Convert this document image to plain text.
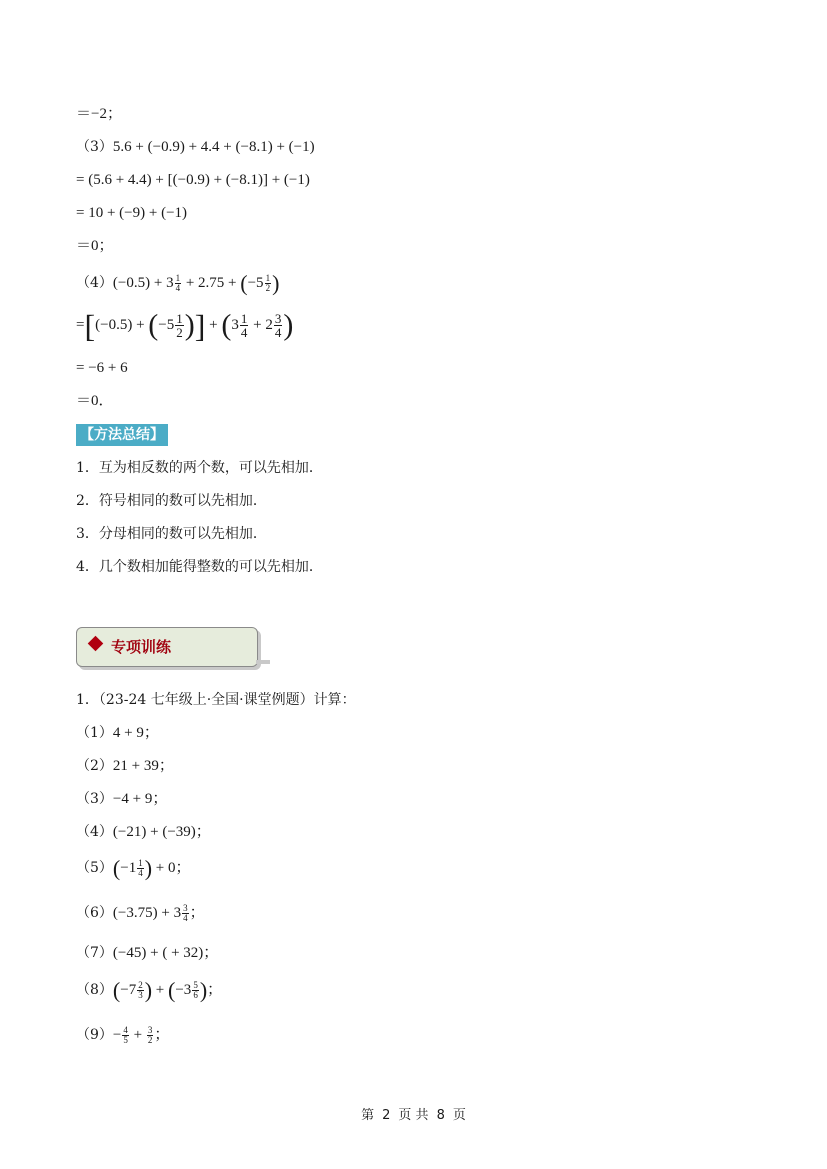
＝−2；
（3）5.6 + (−0.9) + 4.4 + (−8.1) + (−1)
= (5.6 + 4.4) + [(−0.9) + (−8.1)] + (−1)
= 10 + (−9) + (−1)
＝0；
$(4)(-0.5) + 3 \frac{1}{4} + 2.75 + (-5 \frac{1}{2}$ )
$=[(-0.5) + (-5 \frac{1}{2}$ )] + ($3 \frac{1}{4} + 2 \frac{3}{4}$ )
= −6 + 6
＝0．
【方法总结】
1．互为相反数的两个数，可以先相加．
2．符号相同的数可以先相加．
3．分母相同的数可以先相加．
4．几个数相加能得整数的可以先相加．
专项训练
1．（23-24 七年级上·全国·课堂例题）计算：
（1）4 + 9；
（2）21 + 39；
（3）−4 + 9；
（4）(−21) + (−39)；
$(5)(-1 \frac{1}{4}$ ) + 0；
$(6)(-3.75) + 3 \frac{3}{4}$ ；
（7）(−45) + ( + 32)；
$(8)(-7 \frac{2}{3}$ ) + ($-3 \frac{5}{6}$ )；
$(9)- \frac{4}{5} + \frac{3}{2}$ ；
第 2 页 共 8 页
